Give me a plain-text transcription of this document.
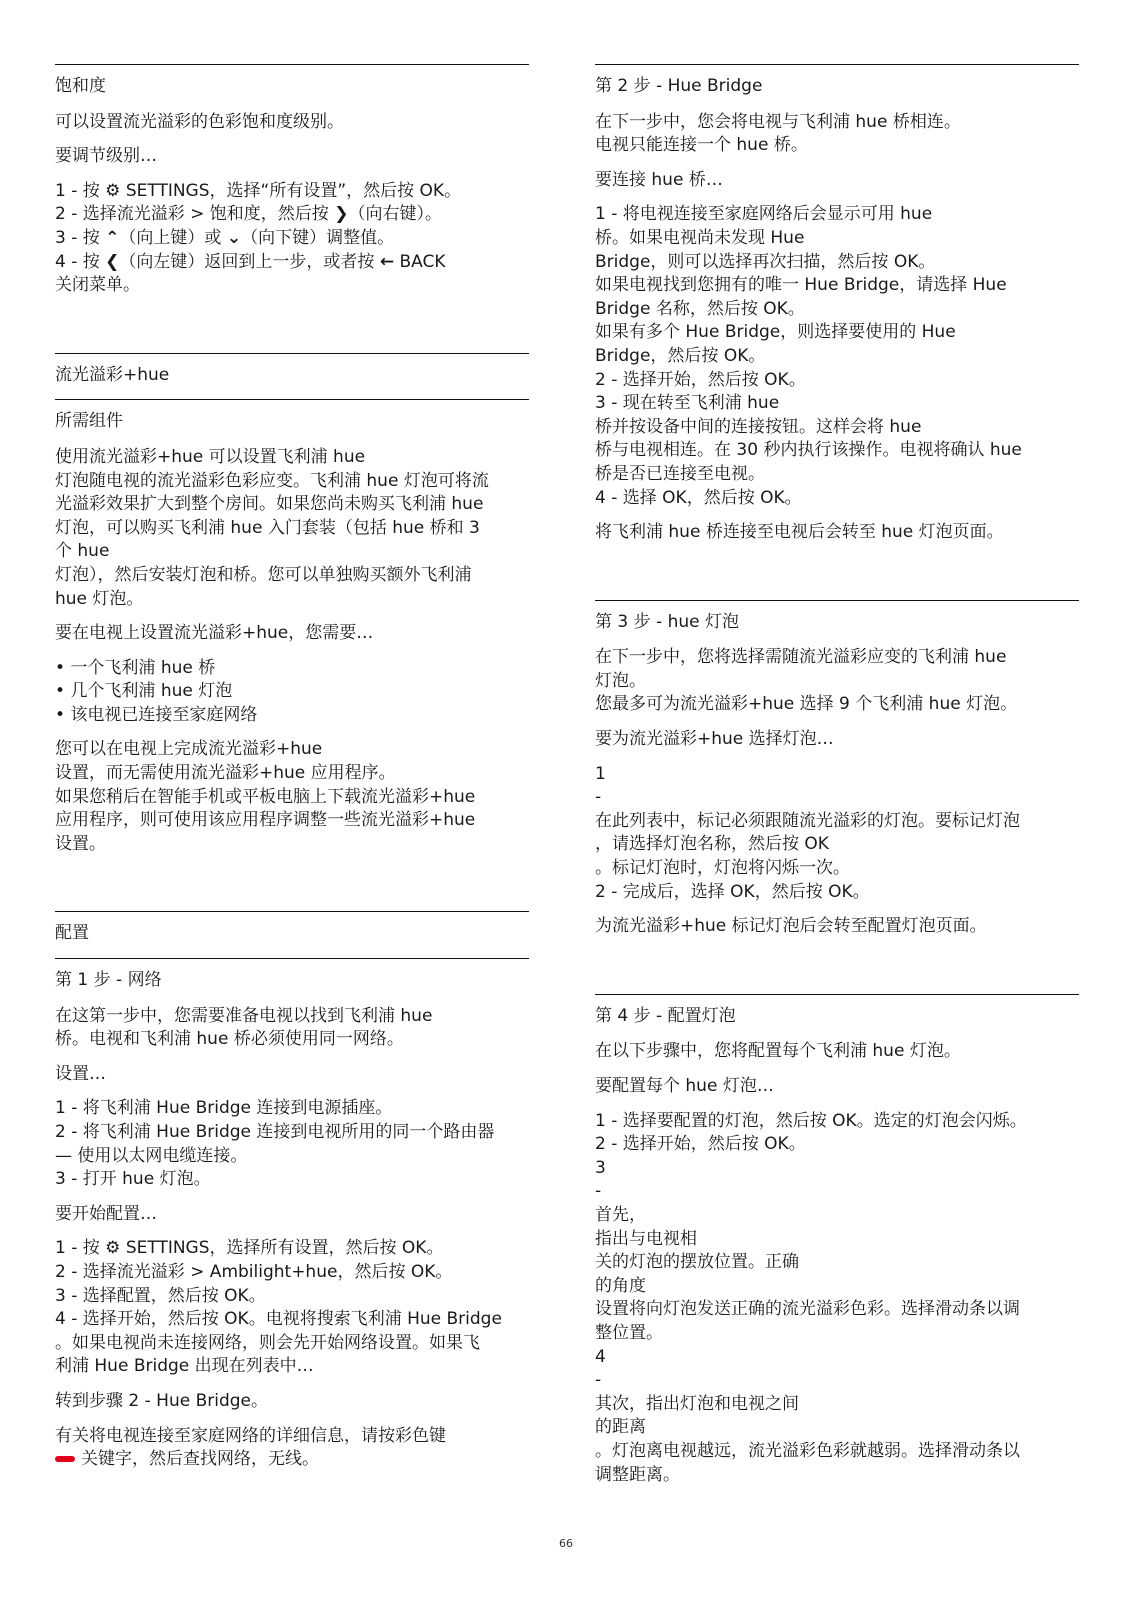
饱和度
可以设置流光溢彩的色彩饱和度级别。
要调节级别…
1 - 按 ⚙ SETTINGS，选择“所有设置”，然后按 OK。
2 - 选择流光溢彩 > 饱和度，然后按 ❯（向右键）。
3 - 按 ⌃（向上键）或 ⌄（向下键）调整值。
4 - 按 ❮（向左键）返回到上一步，或者按 ← BACK
关闭菜单。
流光溢彩+hue
所需组件
使用流光溢彩+hue 可以设置飞利浦 hue
灯泡随电视的流光溢彩色彩应变。飞利浦 hue 灯泡可将流
光溢彩效果扩大到整个房间。如果您尚未购买飞利浦 hue
灯泡，可以购买飞利浦 hue 入门套装（包括 hue 桥和 3
个 hue
灯泡），然后安装灯泡和桥。您可以单独购买额外飞利浦
hue 灯泡。
要在电视上设置流光溢彩+hue，您需要…
• 一个飞利浦 hue 桥
• 几个飞利浦 hue 灯泡
• 该电视已连接至家庭网络
您可以在电视上完成流光溢彩+hue
设置，而无需使用流光溢彩+hue 应用程序。
如果您稍后在智能手机或平板电脑上下载流光溢彩+hue
应用程序，则可使用该应用程序调整一些流光溢彩+hue
设置。
配置
第 1 步 - 网络
在这第一步中，您需要准备电视以找到飞利浦 hue
桥。电视和飞利浦 hue 桥必须使用同一网络。
设置…
1 - 将飞利浦 Hue Bridge 连接到电源插座。
2 - 将飞利浦 Hue Bridge 连接到电视所用的同一个路由器
— 使用以太网电缆连接。
3 - 打开 hue 灯泡。
要开始配置…
1 - 按 ⚙ SETTINGS，选择所有设置，然后按 OK。
2 - 选择流光溢彩 > Ambilight+hue，然后按 OK。
3 - 选择配置，然后按 OK。
4 - 选择开始，然后按 OK。电视将搜索飞利浦 Hue Bridge
。如果电视尚未连接网络，则会先开始网络设置。如果飞
利浦 Hue Bridge 出现在列表中…
转到步骤 2 - Hue Bridge。
有关将电视连接至家庭网络的详细信息，请按彩色键
关键字，然后查找网络，无线。
第 2 步 - Hue Bridge
在下一步中，您会将电视与飞利浦 hue 桥相连。
电视只能连接一个 hue 桥。
要连接 hue 桥…
1 - 将电视连接至家庭网络后会显示可用 hue
桥。如果电视尚未发现 Hue
Bridge，则可以选择再次扫描，然后按 OK。
如果电视找到您拥有的唯一 Hue Bridge，请选择 Hue
Bridge 名称，然后按 OK。
如果有多个 Hue Bridge，则选择要使用的 Hue
Bridge，然后按 OK。
2 - 选择开始，然后按 OK。
3 - 现在转至飞利浦 hue
桥并按设备中间的连接按钮。这样会将 hue
桥与电视相连。在 30 秒内执行该操作。电视将确认 hue
桥是否已连接至电视。
4 - 选择 OK，然后按 OK。
将飞利浦 hue 桥连接至电视后会转至 hue 灯泡页面。
第 3 步 - hue 灯泡
在下一步中，您将选择需随流光溢彩应变的飞利浦 hue
灯泡。
您最多可为流光溢彩+hue 选择 9 个飞利浦 hue 灯泡。
要为流光溢彩+hue 选择灯泡…
1
-
在此列表中，标记必须跟随流光溢彩的灯泡。要标记灯泡
，请选择灯泡名称，然后按 OK
。标记灯泡时，灯泡将闪烁一次。
2 - 完成后，选择 OK，然后按 OK。
为流光溢彩+hue 标记灯泡后会转至配置灯泡页面。
第 4 步 - 配置灯泡
在以下步骤中，您将配置每个飞利浦 hue 灯泡。
要配置每个 hue 灯泡…
1 - 选择要配置的灯泡，然后按 OK。选定的灯泡会闪烁。
2 - 选择开始，然后按 OK。
3
-
首先，
指出与电视相
关的灯泡的摆放位置。正确
的角度
设置将向灯泡发送正确的流光溢彩色彩。选择滑动条以调
整位置。
4
-
其次，指出灯泡和电视之间
的距离
。灯泡离电视越远，流光溢彩色彩就越弱。选择滑动条以
调整距离。
66
